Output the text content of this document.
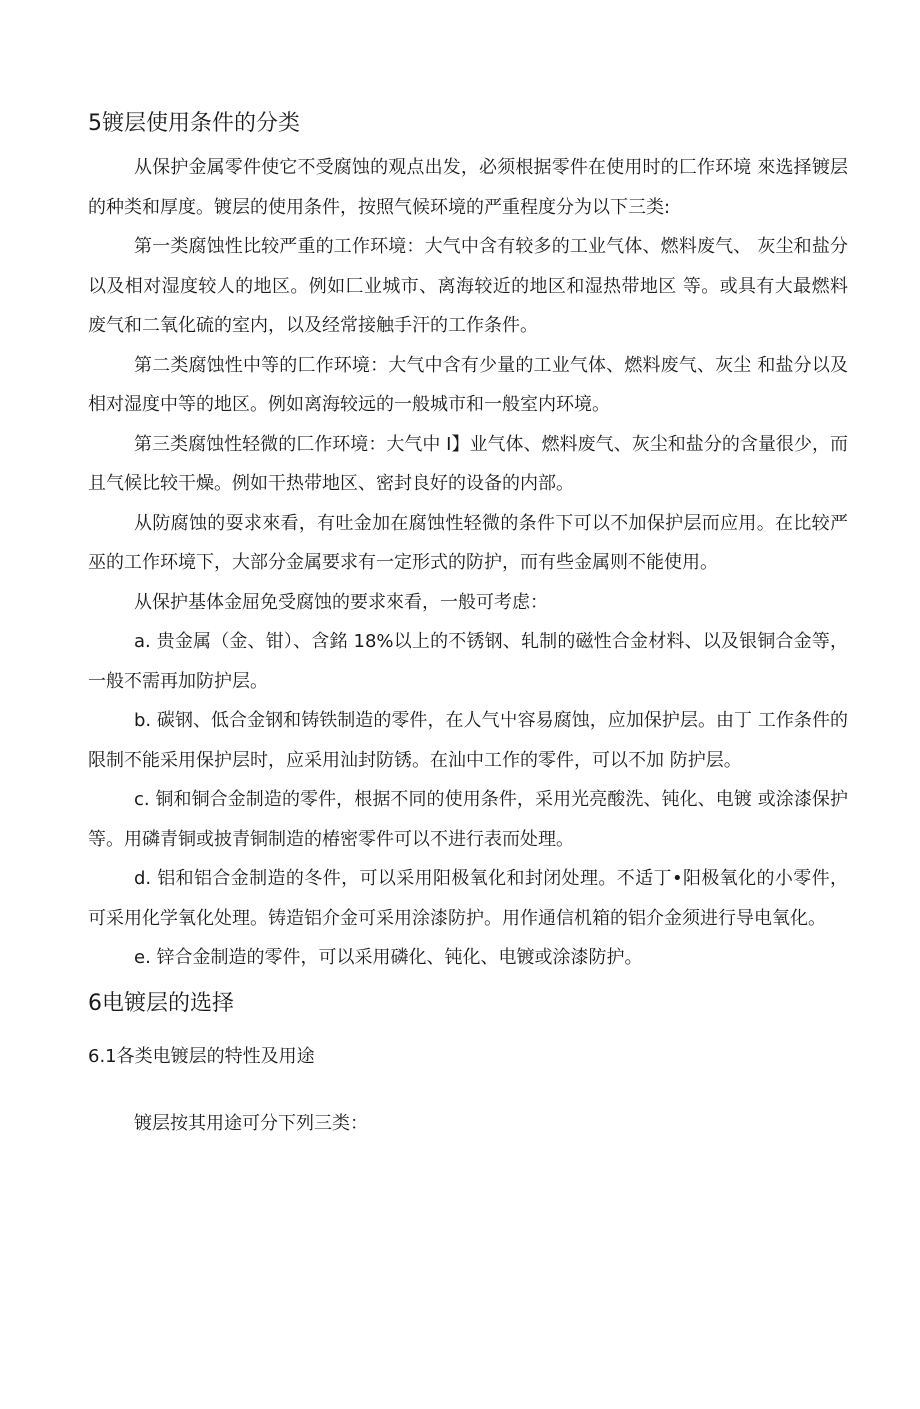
5镀层使用条件的分类

从保护金属零件使它不受腐蚀的观点出发，必须根据零件在使用时的匚作环境 來选择镀层的种类和厚度。镀层的使用条件，按照气候环境的严重程度分为以下三类:

第一类腐蚀性比较严重的工作环境：大气中含有较多的工业气体、燃料废气、 灰尘和盐分以及相对湿度较人的地区。例如匚业城市、离海较近的地区和湿热带地区 等。或具有大最燃料废气和二氧化硫的室内，以及经常接触手汗的工作条件。

第二类腐蚀性中等的匚作环境：大气中含有少量的工业气体、燃料废气、灰尘 和盐分以及相对湿度中等的地区。例如离海较远的一般城市和一般室内环境。

第三类腐蚀性轻微的匚作环境：大气中 I】业气体、燃料废气、灰尘和盐分的含量很少，而且气候比较干燥。例如干热带地区、密封良好的设备的内部。

从防腐蚀的耍求來看，有吐金加在腐蚀性轻微的条件下可以不加保护层而应用。在比较严巫的工作环境下，大部分金属要求有一定形式的防护，而有些金属则不能使用。

从保护基体金屈免受腐蚀的要求來看，一般可考虑：

a. 贵金属（金、钳）、含銘 18%以上的不锈钢、轧制的磁性合金材料、以及银铜合金等，一般不需再加防护层。

b. 碳钢、低合金钢和铸铁制造的零件，在人气屮容易腐蚀，应加保护层。由丁 工作条件的限制不能采用保护层时，应采用汕封防锈。在汕中工作的零件，可以不加 防护层。

c. 铜和铜合金制造的零件，根据不同的使用条件，采用光亮酸洗、钝化、电镀 或涂漆保护等。用磷青铜或披青铜制造的椿密零件可以不进行表而处理。

d. 铝和铝合金制造的冬件，可以采用阳极氧化和封闭处理。不适丁•阳极氧化的小零件，可采用化学氧化处理。铸造铝介金可采用涂漆防护。用作通信机箱的铝介金须进行导电氧化。

e. 锌合金制造的零件，可以采用磷化、钝化、电镀或涂漆防护。

6电镀层的选择
6.1各类电镀层的特性及用途

镀层按其用途可分下列三类：
